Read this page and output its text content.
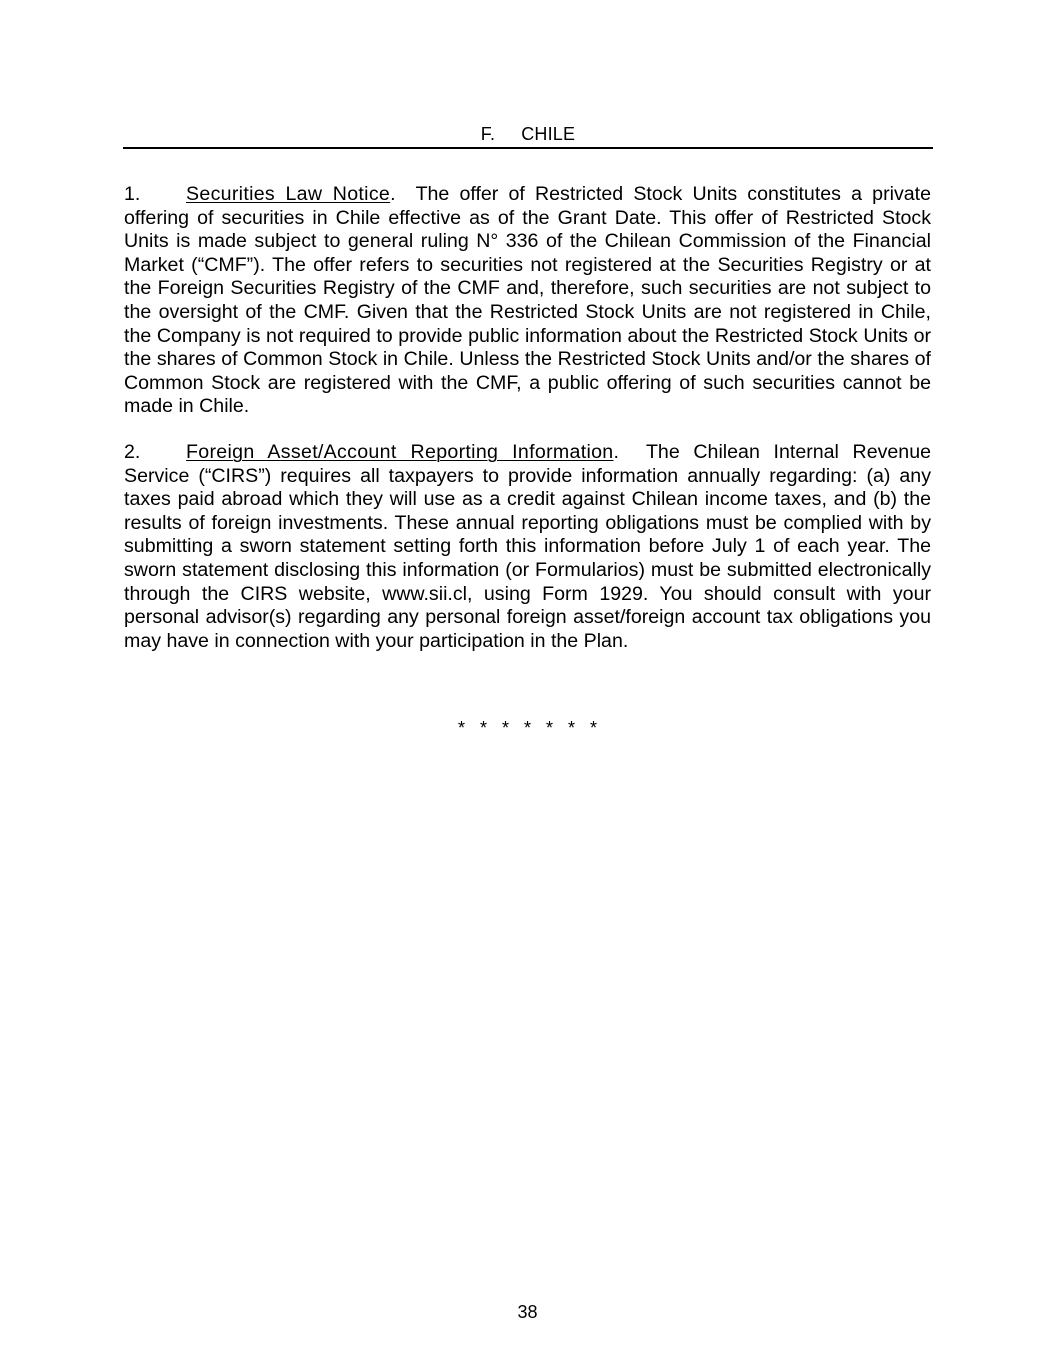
F. CHILE

1. Securities Law Notice. The offer of Restricted Stock Units constitutes a private offering of securities in Chile effective as of the Grant Date. This offer of Restricted Stock Units is made subject to general ruling N° 336 of the Chilean Commission of the Financial Market (“CMF”). The offer refers to securities not registered at the Securities Registry or at the Foreign Securities Registry of the CMF and, therefore, such securities are not subject to the oversight of the CMF. Given that the Restricted Stock Units are not registered in Chile, the Company is not required to provide public information about the Restricted Stock Units or the shares of Common Stock in Chile. Unless the Restricted Stock Units and/or the shares of Common Stock are registered with the CMF, a public offering of such securities cannot be made in Chile.

2. Foreign Asset/Account Reporting Information. The Chilean Internal Revenue Service (“CIRS”) requires all taxpayers to provide information annually regarding: (a) any taxes paid abroad which they will use as a credit against Chilean income taxes, and (b) the results of foreign investments. These annual reporting obligations must be complied with by submitting a sworn statement setting forth this information before July 1 of each year. The sworn statement disclosing this information (or Formularios) must be submitted electronically through the CIRS website, www.sii.cl, using Form 1929. You should consult with your personal advisor(s) regarding any personal foreign asset/foreign account tax obligations you may have in connection with your participation in the Plan.

* * * * * * *
38
